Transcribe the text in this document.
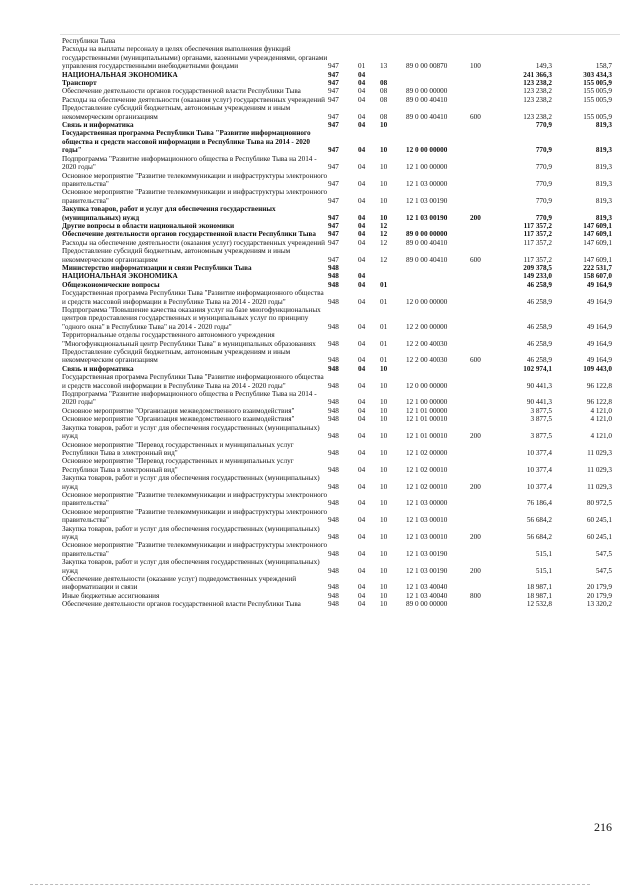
Республики Тыва							
Расходы на выплаты персоналу в целях обеспечения выполнения функций государственными (муниципальными) органами, казенными учреждениями, органами управления государственными внебюджетными фондами	947	01	13	89 0 00 00870	100	149,3	158,7
НАЦИОНАЛЬНАЯ ЭКОНОМИКА	947	04				241 366,3	303 434,3
Транспорт	947	04	08			123 238,2	155 005,9
Обеспечение деятельности органов государственной власти Республики Тыва	947	04	08	89 0 00 00000		123 238,2	155 005,9
Расходы на обеспечение деятельности (оказания услуг) государственных учреждений	947	04	08	89 0 00 40410		123 238,2	155 005,9
Предоставление субсидий бюджетным, автономным учреждениям и иным некоммерческим организациям	947	04	08	89 0 00 40410	600	123 238,2	155 005,9
Связь и информатика	947	04	10			770,9	819,3
Государственная программа Республики Тыва "Развитие информационного общества и средств массовой информации в Республике Тыва на 2014 - 2020 годы"	947	04	10	12 0 00 00000		770,9	819,3
Подпрограмма "Развитие информационного общества в Республике Тыва на 2014 - 2020 годы"	947	04	10	12 1 00 00000		770,9	819,3
Основное мероприятие "Развитие телекоммуникации и инфраструктуры электронного правительства"	947	04	10	12 1 03 00000		770,9	819,3
Основное мероприятие "Развитие телекоммуникации и инфраструктуры электронного правительства"	947	04	10	12 1 03 00190		770,9	819,3
Закупка товаров, работ и услуг для обеспечения государственных (муниципальных) нужд	947	04	10	12 1 03 00190	200	770,9	819,3
Другие вопросы в области национальной экономики	947	04	12			117 357,2	147 609,1
Обеспечение деятельности органов государственной власти Республики Тыва	947	04	12	89 0 00 00000		117 357,2	147 609,1
Расходы на обеспечение деятельности (оказания услуг) государственных учреждений	947	04	12	89 0 00 40410		117 357,2	147 609,1
Предоставление субсидий бюджетным, автономным учреждениям и иным некоммерческим организациям	947	04	12	89 0 00 40410	600	117 357,2	147 609,1
Министерство информатизации и связи Республики Тыва	948					209 378,5	222 531,7
НАЦИОНАЛЬНАЯ ЭКОНОМИКА	948	04				149 233,0	158 607,0
Общеэкономические вопросы	948	04	01			46 258,9	49 164,9
Государственная программа Республики Тыва "Развитие информационного общества и средств массовой информации в Республике Тыва на 2014 - 2020 годы"	948	04	01	12 0 00 00000		46 258,9	49 164,9
Подпрограмма "Повышение качества оказания услуг на базе многофункциональных центров предоставления государственных и муниципальных услуг по принципу "одного окна" в Республике Тыва" на 2014 - 2020 годы"	948	04	01	12 2 00 00000		46 258,9	49 164,9
Территориальные отделы государственного автономного учреждения "Многофункциональный центр Республики Тыва" в муниципальных образованиях	948	04	01	12 2 00 40030		46 258,9	49 164,9
Предоставление субсидий бюджетным, автономным учреждениям и иным некоммерческим организациям	948	04	01	12 2 00 40030	600	46 258,9	49 164,9
Связь и информатика	948	04	10			102 974,1	109 443,0
Государственная программа Республики Тыва "Развитие информационного общества и средств массовой информации в Республике Тыва на 2014 - 2020 годы"	948	04	10	12 0 00 00000		90 441,3	96 122,8
Подпрограмма "Развитие информационного общества в Республике Тыва на 2014 - 2020 годы"	948	04	10	12 1 00 00000		90 441,3	96 122,8
Основное мероприятие "Организация межведомственного взаимодействия"	948	04	10	12 1 01 00000		3 877,5	4 121,0
Основное мероприятие "Организация межведомственного взаимодействия"	948	04	10	12 1 01 00010		3 877,5	4 121,0
Закупка товаров, работ и услуг для обеспечения государственных (муниципальных) нужд	948	04	10	12 1 01 00010	200	3 877,5	4 121,0
Основное мероприятие "Перевод государственных и муниципальных услуг Республики Тыва в электронный вид"	948	04	10	12 1 02 00000		10 377,4	11 029,3
Основное мероприятие "Перевод государственных и муниципальных услуг Республики Тыва в электронный вид"	948	04	10	12 1 02 00010		10 377,4	11 029,3
Закупка товаров, работ и услуг для обеспечения государственных (муниципальных) нужд	948	04	10	12 1 02 00010	200	10 377,4	11 029,3
Основное мероприятие "Развитие телекоммуникации и инфраструктуры электронного правительства"	948	04	10	12 1 03 00000		76 186,4	80 972,5
Основное мероприятие "Развитие телекоммуникации и инфраструктуры электронного правительства"	948	04	10	12 1 03 00010		56 684,2	60 245,1
Закупка товаров, работ и услуг для обеспечения государственных (муниципальных) нужд	948	04	10	12 1 03 00010	200	56 684,2	60 245,1
Основное мероприятие "Развитие телекоммуникации и инфраструктуры электронного правительства"	948	04	10	12 1 03 00190		515,1	547,5
Закупка товаров, работ и услуг для обеспечения государственных (муниципальных) нужд	948	04	10	12 1 03 00190	200	515,1	547,5
Обеспечение деятельности (оказание услуг) подведомственных учреждений информатизации и связи	948	04	10	12 1 03 40040		18 987,1	20 179,9
Иные бюджетные ассигнования	948	04	10	12 1 03 40040	800	18 987,1	20 179,9
Обеспечение деятельности органов государственной власти Республики Тыва	948	04	10	89 0 00 00000		12 532,8	13 320,2
216
